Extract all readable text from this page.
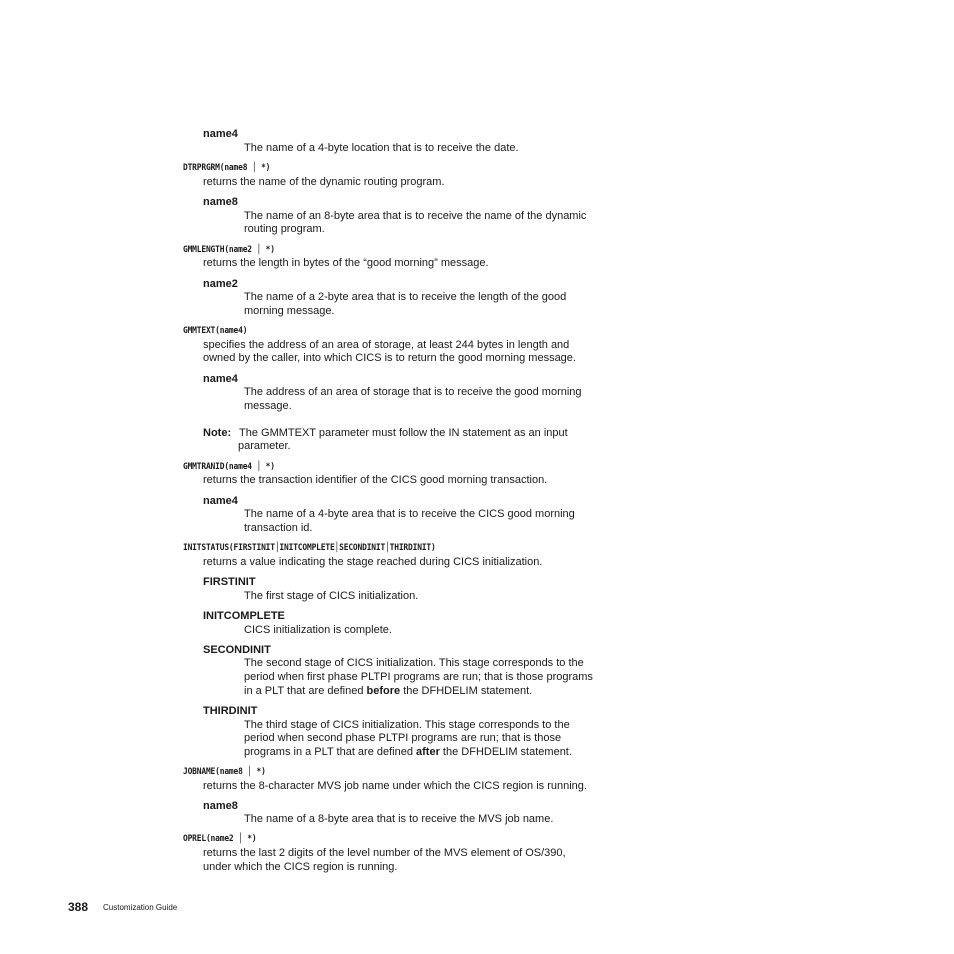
name4
The name of a 4-byte location that is to receive the date.
DTRPRGRM(name8 │ *)
returns the name of the dynamic routing program.
name8
The name of an 8-byte area that is to receive the name of the dynamic
routing program.
GMMLENGTH(name2 │ *)
returns the length in bytes of the “good morning” message.
name2
The name of a 2-byte area that is to receive the length of the good
morning message.
GMMTEXT(name4)
specifies the address of an area of storage, at least 244 bytes in length and
owned by the caller, into which CICS is to return the good morning message.
name4
The address of an area of storage that is to receive the good morning
message.
Note: The GMMTEXT parameter must follow the IN statement as an input
parameter.
GMMTRANID(name4 │ *)
returns the transaction identifier of the CICS good morning transaction.
name4
The name of a 4-byte area that is to receive the CICS good morning
transaction id.
INITSTATUS(FIRSTINIT│INITCOMPLETE│SECONDINIT│THIRDINIT)
returns a value indicating the stage reached during CICS initialization.
FIRSTINIT
The first stage of CICS initialization.
INITCOMPLETE
CICS initialization is complete.
SECONDINIT
The second stage of CICS initialization. This stage corresponds to the
period when first phase PLTPI programs are run; that is those programs
in a PLT that are defined before the DFHDELIM statement.
THIRDINIT
The third stage of CICS initialization. This stage corresponds to the
period when second phase PLTPI programs are run; that is those
programs in a PLT that are defined after the DFHDELIM statement.
JOBNAME(name8 │ *)
returns the 8-character MVS job name under which the CICS region is running.
name8
The name of a 8-byte area that is to receive the MVS job name.
OPREL(name2 │ *)
returns the last 2 digits of the level number of the MVS element of OS/390,
under which the CICS region is running.
388 Customization Guide
